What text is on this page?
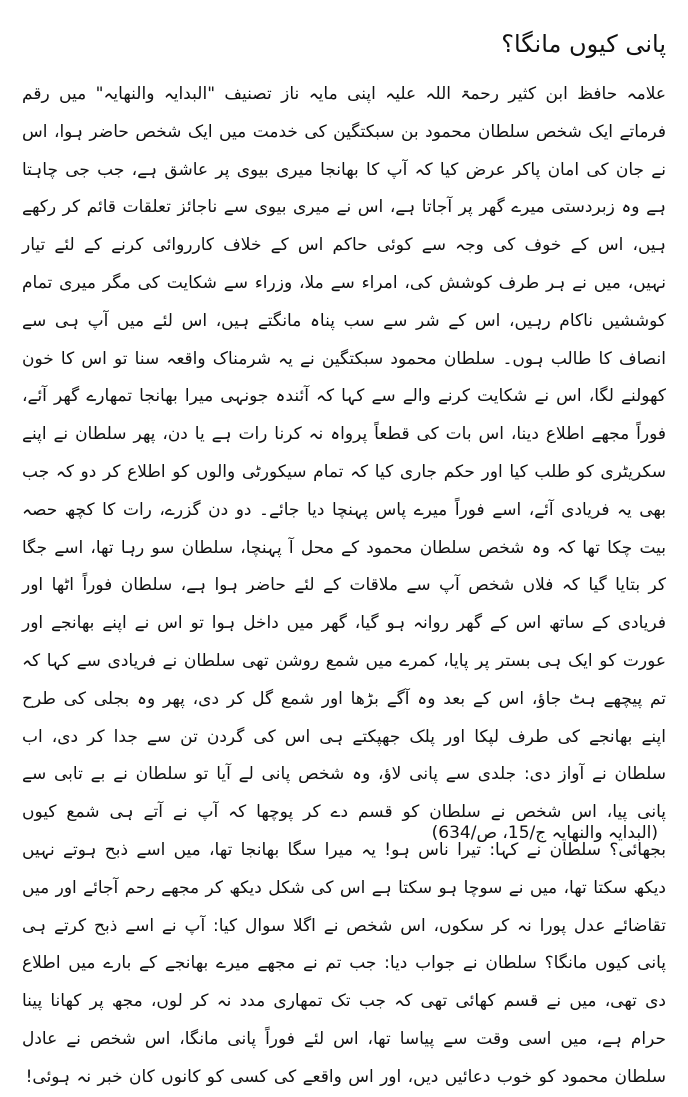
پانی کیوں مانگا؟

علامہ حافظ ابن کثیر رحمۃ اللہ علیہ اپنی مایہ ناز تصنیف "البدایہ والنھایہ" میں رقم فرماتے ایک شخص سلطان محمود بن سبکتگین کی خدمت میں ایک شخص حاضر ہوا، اس نے جان کی امان پاکر عرض کیا کہ آپ کا بھانجا میری بیوی پر عاشق ہے، جب جی چاہتا ہے وہ زبردستی میرے گھر پر آجاتا ہے، اس نے میری بیوی سے ناجائز تعلقات قائم کر رکھے ہیں، اس کے خوف کی وجہ سے کوئی حاکم اس کے خلاف کارروائی کرنے کے لئے تیار نہیں، میں نے ہر طرف کوشش کی، امراء سے ملا، وزراء سے شکایت کی مگر میری تمام کوششیں ناکام رہیں، اس کے شر سے سب پناہ مانگتے ہیں، اس لئے میں آپ ہی سے انصاف کا طالب ہوں۔ سلطان محمود سبکتگین نے یہ شرمناک واقعہ سنا تو اس کا خون کھولنے لگا، اس نے شکایت کرنے والے سے کہا کہ آئندہ جونہی میرا بھانجا تمھارے گھر آئے، فوراً مجھے اطلاع دینا، اس بات کی قطعاً پرواہ نہ کرنا رات ہے یا دن، پھر سلطان نے اپنے سکریٹری کو طلب کیا اور حکم جاری کیا کہ تمام سیکورٹی والوں کو اطلاع کر دو کہ جب بھی یہ فریادی آئے، اسے فوراً میرے پاس پہنچا دیا جائے۔ دو دن گزرے، رات کا کچھ حصہ بیت چکا تھا کہ وہ شخص سلطان محمود کے محل آ پہنچا، سلطان سو رہا تھا، اسے جگا کر بتایا گیا کہ فلاں شخص آپ سے ملاقات کے لئے حاضر ہوا ہے، سلطان فوراً اٹھا اور فریادی کے ساتھ اس کے گھر روانہ ہو گیا، گھر میں داخل ہوا تو اس نے اپنے بھانجے اور عورت کو ایک ہی بستر پر پایا، کمرے میں شمع روشن تھی سلطان نے فریادی سے کہا کہ تم پیچھے ہٹ جاؤ، اس کے بعد وہ آگے بڑھا اور شمع گل کر دی، پھر وہ بجلی کی طرح اپنے بھانجے کی طرف لپکا اور پلک جھپکتے ہی اس کی گردن تن سے جدا کر دی، اب سلطان نے آواز دی: جلدی سے پانی لاؤ، وہ شخص پانی لے آیا تو سلطان نے بے تابی سے پانی پیا، اس شخص نے سلطان کو قسم دے کر پوچھا کہ آپ نے آتے ہی شمع کیوں بجھائی؟ سلطان نے کہا: تیرا ناس ہو! یہ میرا سگا بھانجا تھا، میں اسے ذبح ہوتے نہیں دیکھ سکتا تھا، میں نے سوچا ہو سکتا ہے اس کی شکل دیکھ کر مجھے رحم آجائے اور میں تقاضائے عدل پورا نہ کر سکوں، اس شخص نے اگلا سوال کیا: آپ نے اسے ذبح کرتے ہی پانی کیوں مانگا؟ سلطان نے جواب دیا: جب تم نے مجھے میرے بھانجے کے بارے میں اطلاع دی تھی، میں نے قسم کھائی تھی کہ جب تک تمھاری مدد نہ کر لوں، مجھ پر کھانا پینا حرام ہے، میں اسی وقت سے پیاسا تھا، اس لئے فوراً پانی مانگا، اس شخص نے عادل سلطان محمود کو خوب دعائیں دیں، اور اس واقعے کی کسی کو کانوں کان خبر نہ ہوئی!

(البدایہ والنھایہ ج/15، ص/634)
